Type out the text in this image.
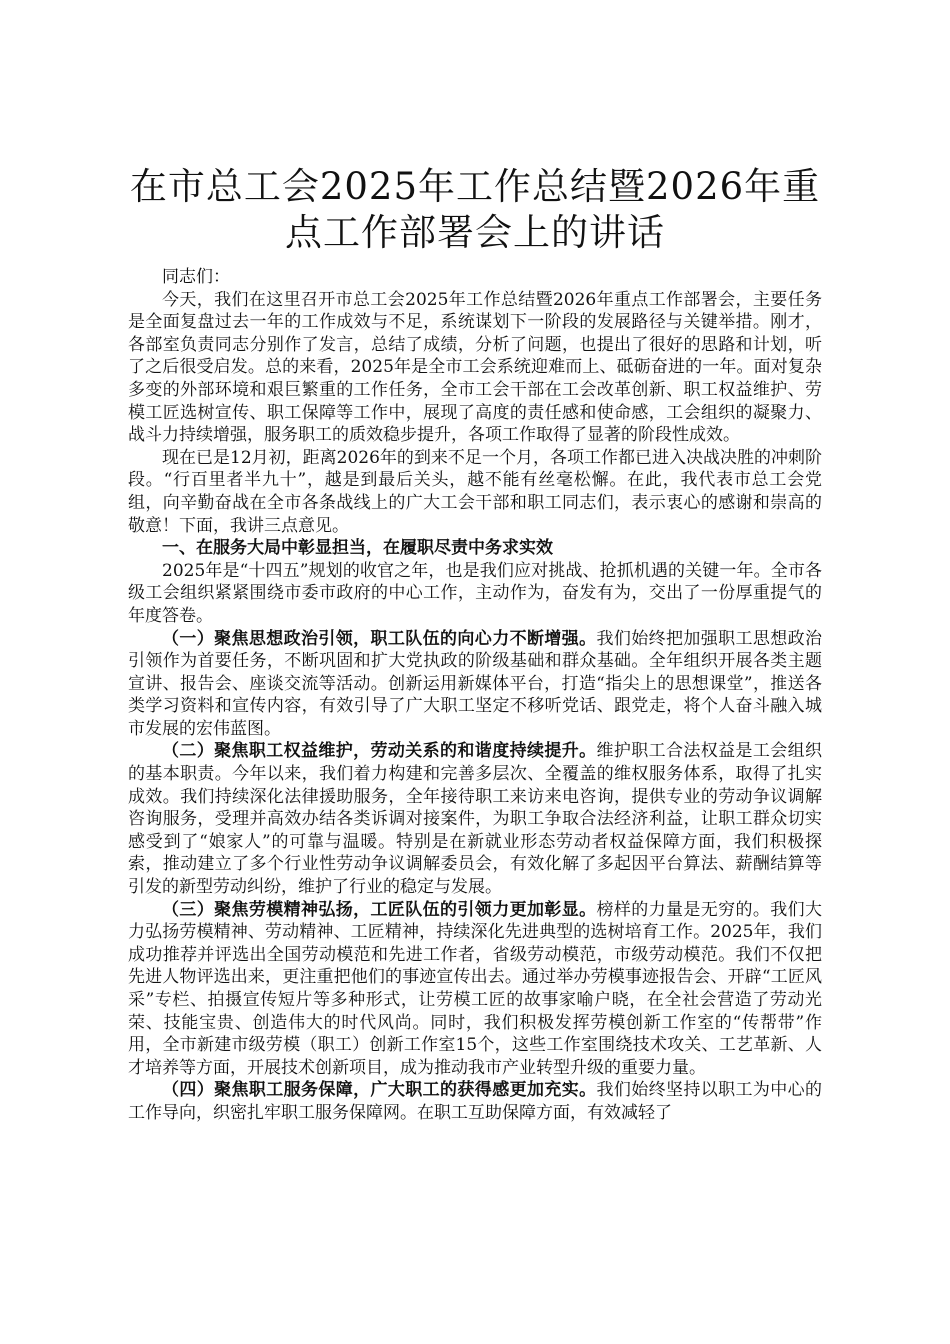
在市总工会2025年工作总结暨2026年重点工作部署会上的讲话

同志们：

今天，我们在这里召开市总工会2025年工作总结暨2026年重点工作部署会，主要任务是全面复盘过去一年的工作成效与不足，系统谋划下一阶段的发展路径与关键举措。刚才，各部室负责同志分别作了发言，总结了成绩，分析了问题，也提出了很好的思路和计划，听了之后很受启发。总的来看，2025年是全市工会系统迎难而上、砥砺奋进的一年。面对复杂多变的外部环境和艰巨繁重的工作任务，全市工会干部在工会改革创新、职工权益维护、劳模工匠选树宣传、职工保障等工作中，展现了高度的责任感和使命感，工会组织的凝聚力、战斗力持续增强，服务职工的质效稳步提升，各项工作取得了显著的阶段性成效。

现在已是12月初，距离2026年的到来不足一个月，各项工作都已进入决战决胜的冲刺阶段。“行百里者半九十”，越是到最后关头，越不能有丝毫松懈。在此，我代表市总工会党组，向辛勤奋战在全市各条战线上的广大工会干部和职工同志们，表示衷心的感谢和崇高的敬意！下面，我讲三点意见。

一、在服务大局中彰显担当，在履职尽责中务求实效

2025年是“十四五”规划的收官之年，也是我们应对挑战、抢抓机遇的关键一年。全市各级工会组织紧紧围绕市委市政府的中心工作，主动作为，奋发有为，交出了一份厚重提气的年度答卷。

（一）聚焦思想政治引领，职工队伍的向心力不断增强。我们始终把加强职工思想政治引领作为首要任务，不断巩固和扩大党执政的阶级基础和群众基础。全年组织开展各类主题宣讲、报告会、座谈交流等活动。创新运用新媒体平台，打造“指尖上的思想课堂”，推送各类学习资料和宣传内容，有效引导了广大职工坚定不移听党话、跟党走，将个人奋斗融入城市发展的宏伟蓝图。

（二）聚焦职工权益维护，劳动关系的和谐度持续提升。维护职工合法权益是工会组织的基本职责。今年以来，我们着力构建和完善多层次、全覆盖的维权服务体系，取得了扎实成效。我们持续深化法律援助服务，全年接待职工来访来电咨询，提供专业的劳动争议调解咨询服务，受理并高效办结各类诉调对接案件，为职工争取合法经济利益，让职工群众切实感受到了“娘家人”的可靠与温暖。特别是在新就业形态劳动者权益保障方面，我们积极探索，推动建立了多个行业性劳动争议调解委员会，有效化解了多起因平台算法、薪酬结算等引发的新型劳动纠纷，维护了行业的稳定与发展。

（三）聚焦劳模精神弘扬，工匠队伍的引领力更加彰显。榜样的力量是无穷的。我们大力弘扬劳模精神、劳动精神、工匠精神，持续深化先进典型的选树培育工作。2025年，我们成功推荐并评选出全国劳动模范和先进工作者，省级劳动模范，市级劳动模范。我们不仅把先进人物评选出来，更注重把他们的事迹宣传出去。通过举办劳模事迹报告会、开辟“工匠风采”专栏、拍摄宣传短片等多种形式，让劳模工匠的故事家喻户晓，在全社会营造了劳动光荣、技能宝贵、创造伟大的时代风尚。同时，我们积极发挥劳模创新工作室的“传帮带”作用，全市新建市级劳模（职工）创新工作室15个，这些工作室围绕技术攻关、工艺革新、人才培养等方面，开展技术创新项目，成为推动我市产业转型升级的重要力量。

（四）聚焦职工服务保障，广大职工的获得感更加充实。我们始终坚持以职工为中心的工作导向，织密扎牢职工服务保障网。在职工互助保障方面，有效减轻了
